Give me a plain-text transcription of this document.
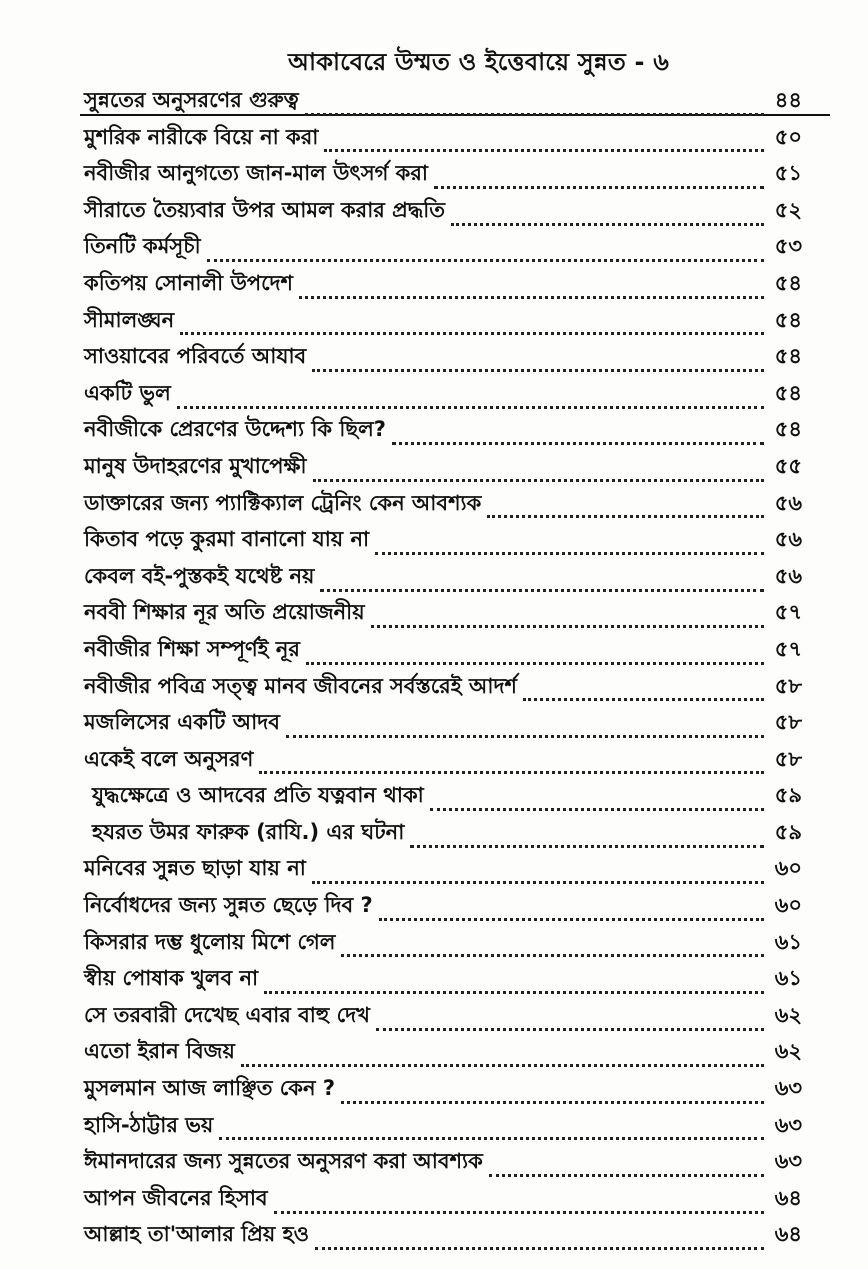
আকাবেরে উম্মত ও ইত্তেবায়ে সুন্নত - ৬
সুন্নতের অনুসরণের গুরুত্ব	৪৪
মুশরিক নারীকে বিয়ে না করা	৫০
নবীজীর আনুগত্যে জান-মাল উৎসর্গ করা	৫১
সীরাতে তৈয়্যবার উপর আমল করার প্রদ্ধতি	৫২
তিনটি কর্মসূচী	৫৩
কতিপয় সোনালী উপদেশ	৫৪
সীমালঙ্ঘন	৫৪
সাওয়াবের পরিবর্তে আযাব	৫৪
একটি ভুল	৫৪
নবীজীকে প্রেরণের উদ্দেশ্য কি ছিল?	৫৪
মানুষ উদাহরণের মুখাপেক্ষী	৫৫
ডাক্তারের জন্য প্যাক্টিক্যাল ট্রেনিং কেন আবশ্যক	৫৬
কিতাব পড়ে কুরমা বানানো যায় না	৫৬
কেবল বই-পুস্তকই যথেষ্ট নয়	৫৬
নববী শিক্ষার নূর অতি প্রয়োজনীয়	৫৭
নবীজীর শিক্ষা সম্পূর্ণই নূর	৫৭
নবীজীর পবিত্র সত্ত্ব মানব জীবনের সর্বস্তরেই আদর্শ	৫৮
মজলিসের একটি আদব	৫৮
একেই বলে অনুসরণ	৫৮
যুদ্ধক্ষেত্রে ও আদবের প্রতি যত্নবান থাকা	৫৯
হযরত উমর ফারুক (রাযি.) এর ঘটনা	৫৯
মনিবের সুন্নত ছাড়া যায় না	৬০
নির্বোধদের জন্য সুন্নত ছেড়ে দিব ?	৬০
কিসরার দম্ভ ধুলোয় মিশে গেল	৬১
স্বীয় পোষাক খুলব না	৬১
সে তরবারী দেখেছ এবার বাহু দেখ	৬২
এতো ইরান বিজয়	৬২
মুসলমান আজ লাঞ্ছিত কেন ?	৬৩
হাসি-ঠাট্টার ভয়	৬৩
ঈমানদারের জন্য সুন্নতের অনুসরণ করা আবশ্যক	৬৩
আপন জীবনের হিসাব	৬৪
আল্লাহ তা'আলার প্রিয় হও	৬৪
